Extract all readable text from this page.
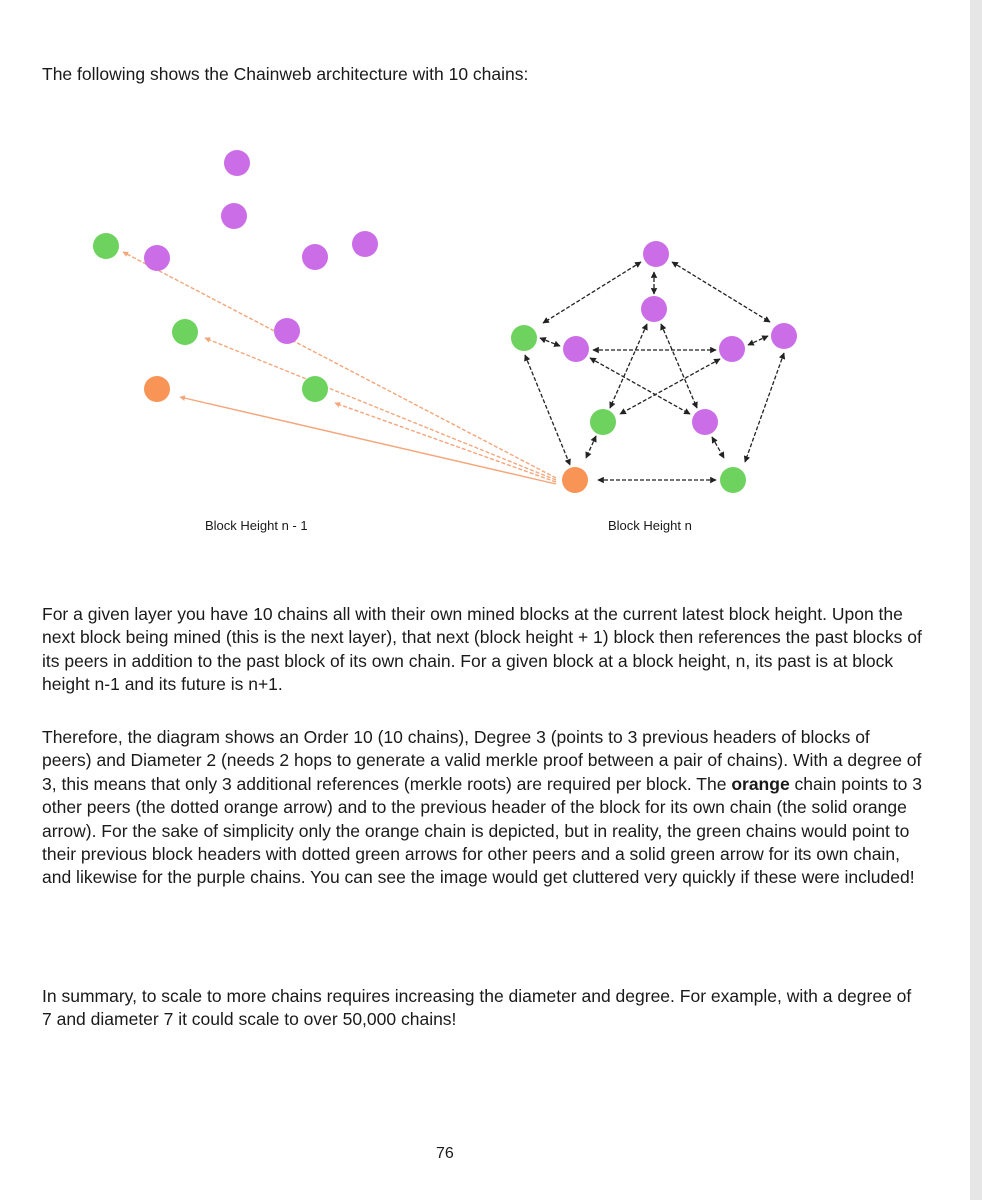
The following shows the Chainweb architecture with 10 chains:

Block Height n - 1	Block Height n

For a given layer you have 10 chains all with their own mined blocks at the current latest block height. Upon the next block being mined (this is the next layer), that next (block height + 1) block then references the past blocks of its peers in addition to the past block of its own chain. For a given block at a block height, n, its past is at block height n-1 and its future is n+1.

Therefore, the diagram shows an Order 10 (10 chains), Degree 3 (points to 3 previous headers of blocks of peers) and Diameter 2 (needs 2 hops to generate a valid merkle proof between a pair of chains). With a degree of 3, this means that only 3 additional references (merkle roots) are required per block. The orange chain points to 3 other peers (the dotted orange arrow) and to the previous header of the block for its own chain (the solid orange arrow). For the sake of simplicity only the orange chain is depicted, but in reality, the green chains would point to their previous block headers with dotted green arrows for other peers and a solid green arrow for its own chain, and likewise for the purple chains. You can see the image would get cluttered very quickly if these were included!

In summary, to scale to more chains requires increasing the diameter and degree. For example, with a degree of 7 and diameter 7 it could scale to over 50,000 chains!

76
